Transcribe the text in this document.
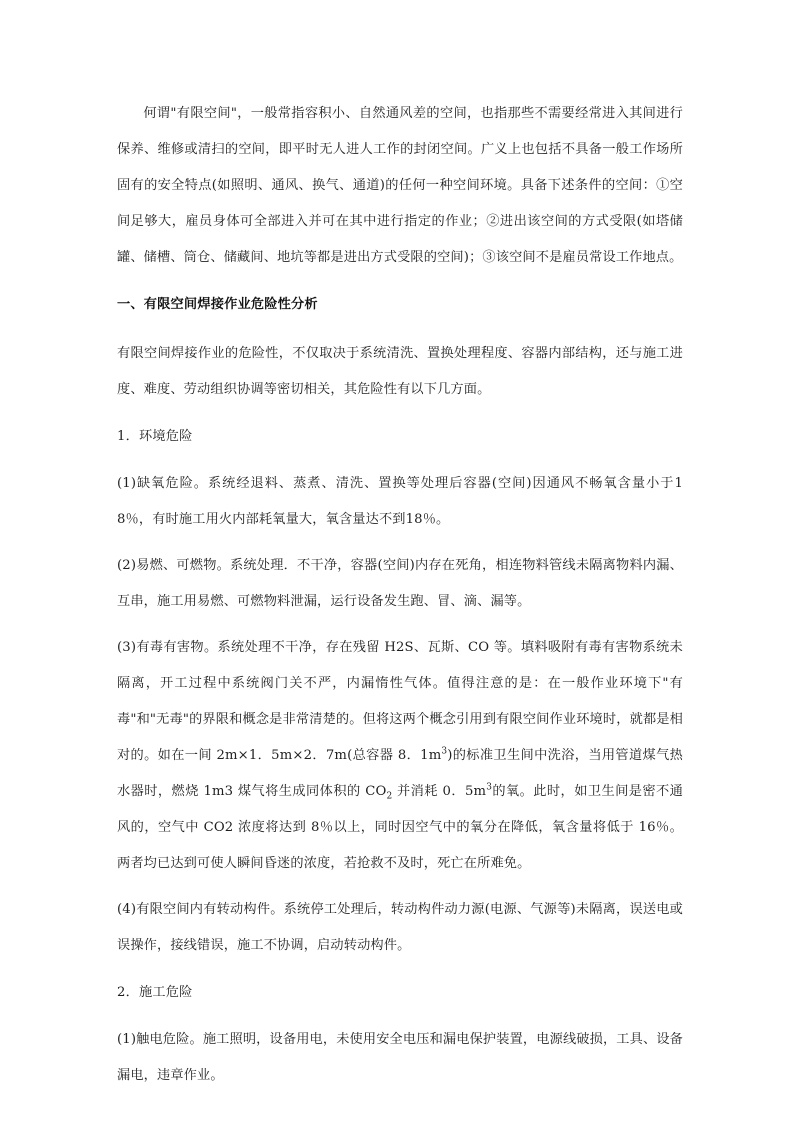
何谓"有限空间"，一般常指容积小、自然通风差的空间，也指那些不需要经常进入其间进行保养、维修或清扫的空间，即平时无人进人工作的封闭空间。广义上也包括不具备一般工作场所固有的安全特点(如照明、通风、换气、通道)的任何一种空间环境。具备下述条件的空间：①空间足够大，雇员身体可全部进入并可在其中进行指定的作业；②进出该空间的方式受限(如塔储罐、储槽、筒仓、储藏间、地坑等都是进出方式受限的空间)；③该空间不是雇员常设工作地点。

一、有限空间焊接作业危险性分析

有限空间焊接作业的危险性，不仅取决于系统清洗、置换处理程度、容器内部结构，还与施工进度、难度、劳动组织协调等密切相关，其危险性有以下几方面。

1．环境危险

(1)缺氧危险。系统经退料、蒸煮、清洗、置换等处理后容器(空间)因通风不畅氧含量小于18％，有时施工用火内部耗氧量大，氧含量达不到18％。

(2)易燃、可燃物。系统处理．不干净，容器(空间)内存在死角，相连物料管线未隔离物料内漏、互串，施工用易燃、可燃物料泄漏，运行设备发生跑、冒、滴、漏等。

(3)有毒有害物。系统处理不干净，存在残留 H2S、瓦斯、CO 等。填料吸附有毒有害物系统未隔离，开工过程中系统阀门关不严，内漏惰性气体。值得注意的是：在一般作业环境下"有毒"和"无毒"的界限和概念是非常清楚的。但将这两个概念引用到有限空间作业环境时，就都是相对的。如在一间 2m×1．5m×2．7m(总容器 8．$1m^3$)的标准卫生间中洗浴，当用管道煤气热水器时，燃烧 1m3 煤气将生成同体积的 $CO_2$ 并消耗 0．$5m^3$的氧。此时，如卫生间是密不通风的，空气中 CO2 浓度将达到 8％以上，同时因空气中的氧分在降低，氧含量将低于 16％。两者均已达到可使人瞬间昏迷的浓度，若抢救不及时，死亡在所难免。

(4)有限空间内有转动构件。系统停工处理后，转动构件动力源(电源、气源等)未隔离，误送电或误操作，接线错误，施工不协调，启动转动构件。

2．施工危险

(1)触电危险。施工照明，设备用电，未使用安全电压和漏电保护装置，电源线破损，工具、设备漏电，违章作业。
